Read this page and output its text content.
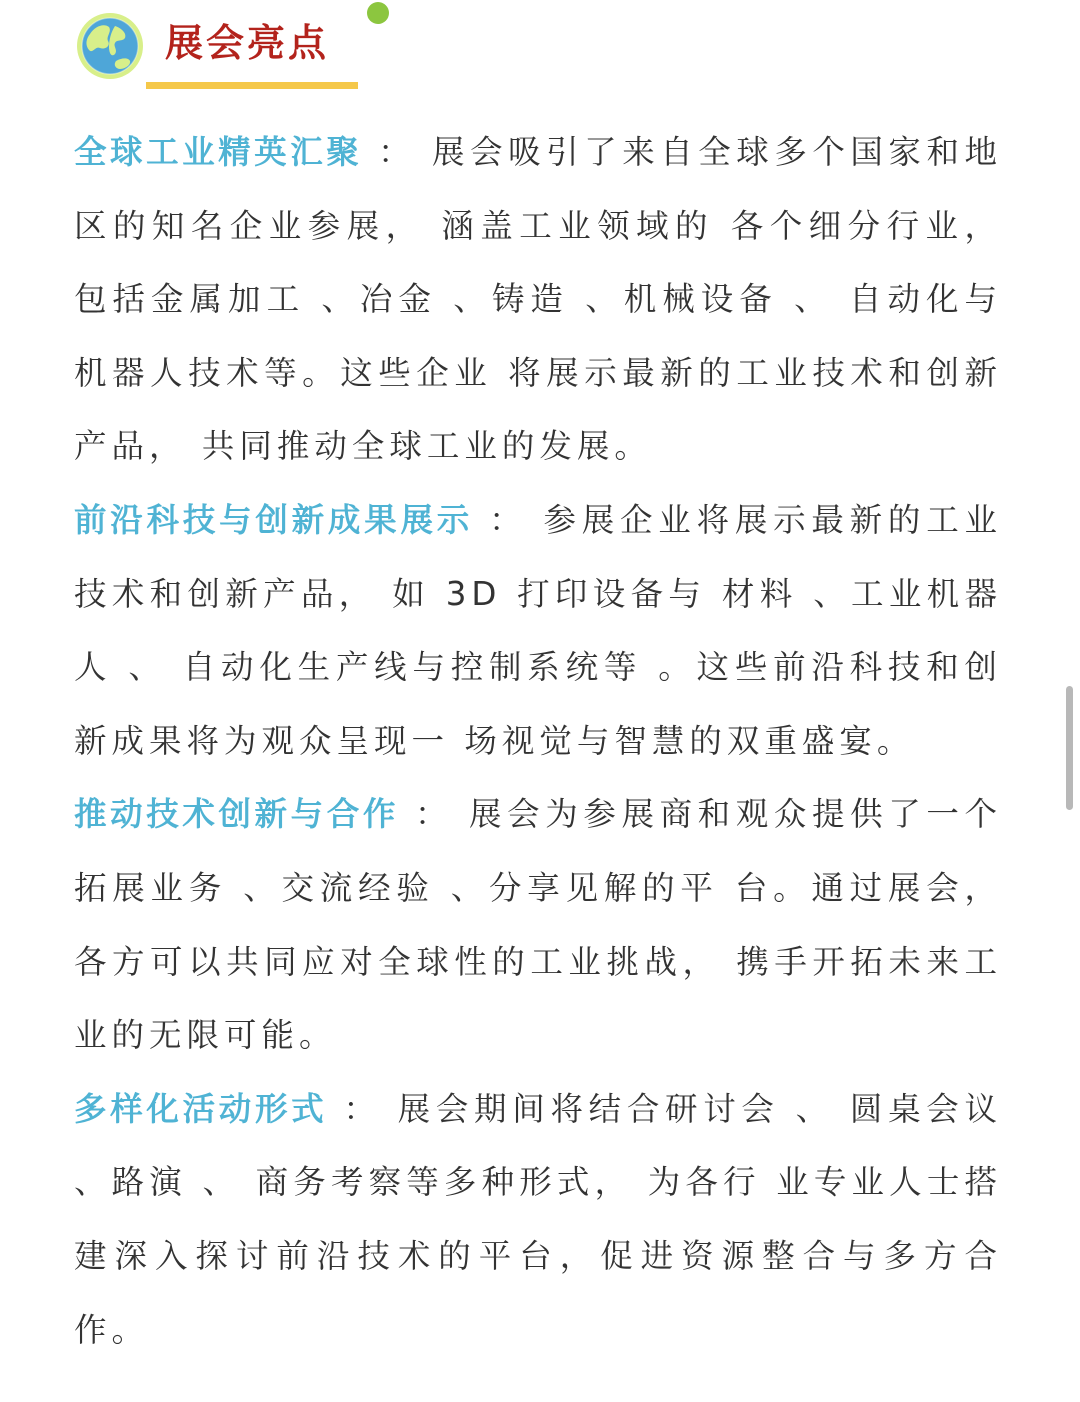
展会亮点

全球工业精英汇聚 ： 展会吸引了来自全球多个国家和地区的知名企业参展， 涵盖工业领域的 各个细分行业，包括金属加工 、冶金 、铸造 、机械设备 、 自动化与机器人技术等。这些企业 将展示最新的工业技术和创新产品， 共同推动全球工业的发展。

前沿科技与创新成果展示 ： 参展企业将展示最新的工业技术和创新产品， 如 3D 打印设备与 材料 、工业机器人 、 自动化生产线与控制系统等 。这些前沿科技和创新成果将为观众呈现一 场视觉与智慧的双重盛宴。

推动技术创新与合作 ： 展会为参展商和观众提供了一个拓展业务 、交流经验 、分享见解的平 台。通过展会，各方可以共同应对全球性的工业挑战， 携手开拓未来工业的无限可能。

多样化活动形式 ： 展会期间将结合研讨会 、 圆桌会议 、路演 、 商务考察等多种形式， 为各行 业专业人士搭建深入探讨前沿技术的平台，促进资源整合与多方合作。
